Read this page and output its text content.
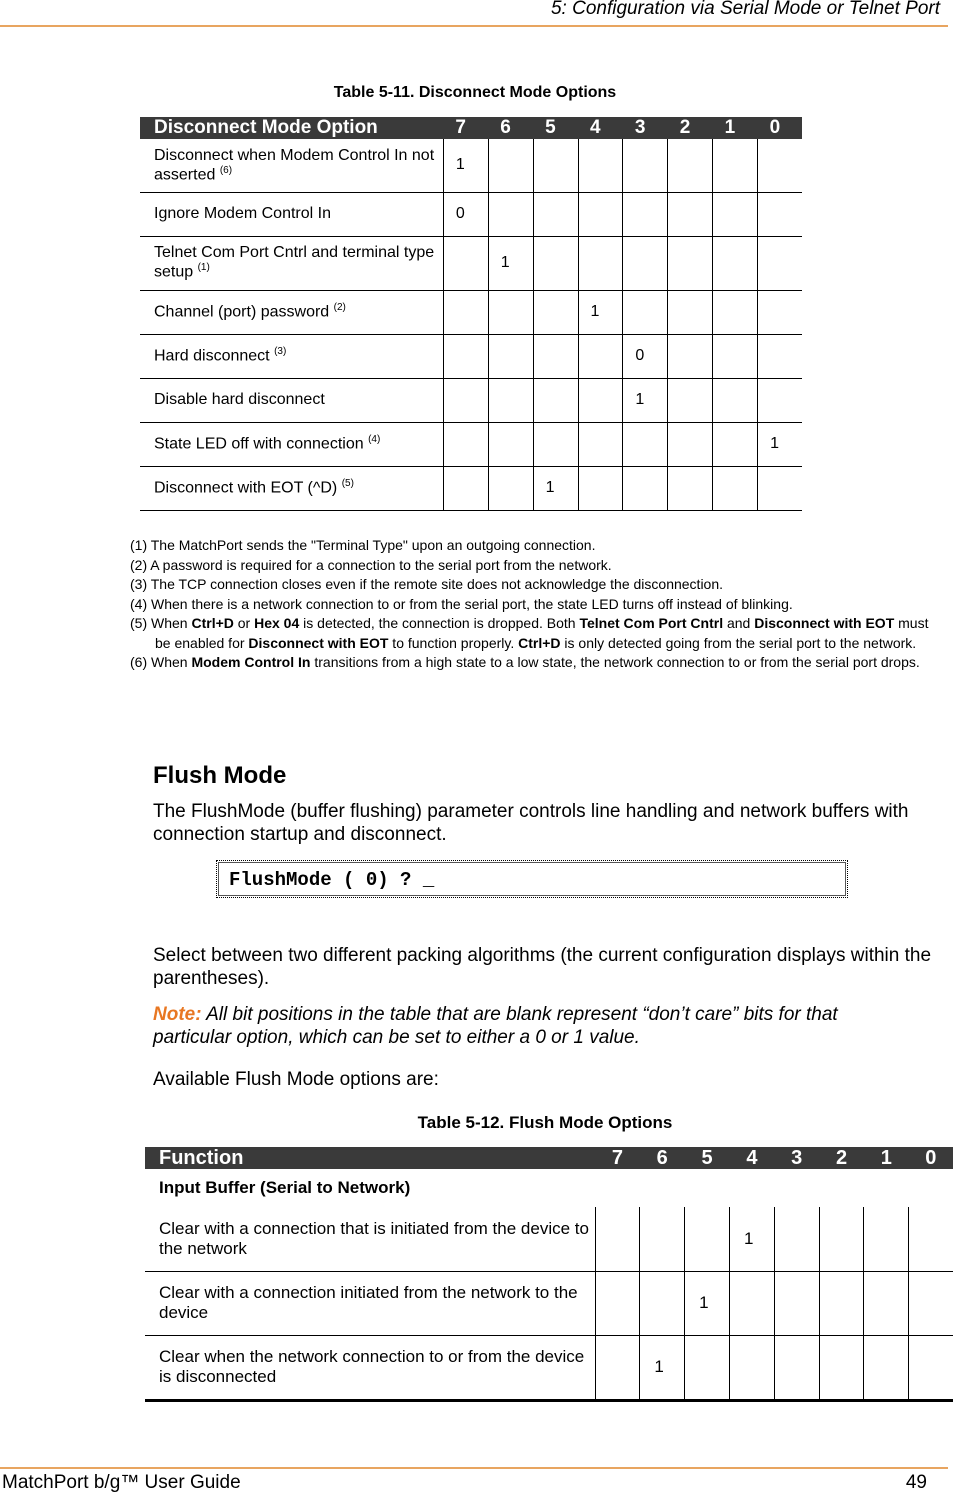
5: Configuration via Serial Mode or Telnet Port
Table 5-11. Disconnect Mode Options
Disconnect Mode Option	7	6	5	4	3	2	1	0
Disconnect when Modem Control In not asserted $^{(6)}$	1							
Ignore Modem Control In	0							
Telnet Com Port Cntrl and terminal type setup $^{(1)}$		1						
Channel (port) password $^{(2)}$				1				
Hard disconnect $^{(3)}$					0			
Disable hard disconnect					1			
State LED off with connection $^{(4)}$								1
Disconnect with EOT (^D) $^{(5)}$			1					
(1) The MatchPort sends the "Terminal Type" upon an outgoing connection.
(2) A password is required for a connection to the serial port from the network.
(3) The TCP connection closes even if the remote site does not acknowledge the disconnection.
(4) When there is a network connection to or from the serial port, the state LED turns off instead of blinking.
(5) When Ctrl+D or Hex 04 is detected, the connection is dropped. Both Telnet Com Port Cntrl and Disconnect with EOT must be enabled for Disconnect with EOT to function properly. Ctrl+D is only detected going from the serial port to the network.
(6) When Modem Control In transitions from a high state to a low state, the network connection to or from the serial port drops.
Flush Mode
The FlushMode (buffer flushing) parameter controls line handling and network buffers with connection startup and disconnect.
FlushMode ( 0) ? _
Select between two different packing algorithms (the current configuration displays within the parentheses).
Note: All bit positions in the table that are blank represent “don’t care” bits for that particular option, which can be set to either a 0 or 1 value.
Available Flush Mode options are:
Table 5-12. Flush Mode Options
Function	7	6	5	4	3	2	1	0
Input Buffer (Serial to Network)								
Clear with a connection that is initiated from the device to the network				1				
Clear with a connection initiated from the network to the device			1					
Clear when the network connection to or from the device is disconnected		1						
MatchPort b/g™ User Guide	49
